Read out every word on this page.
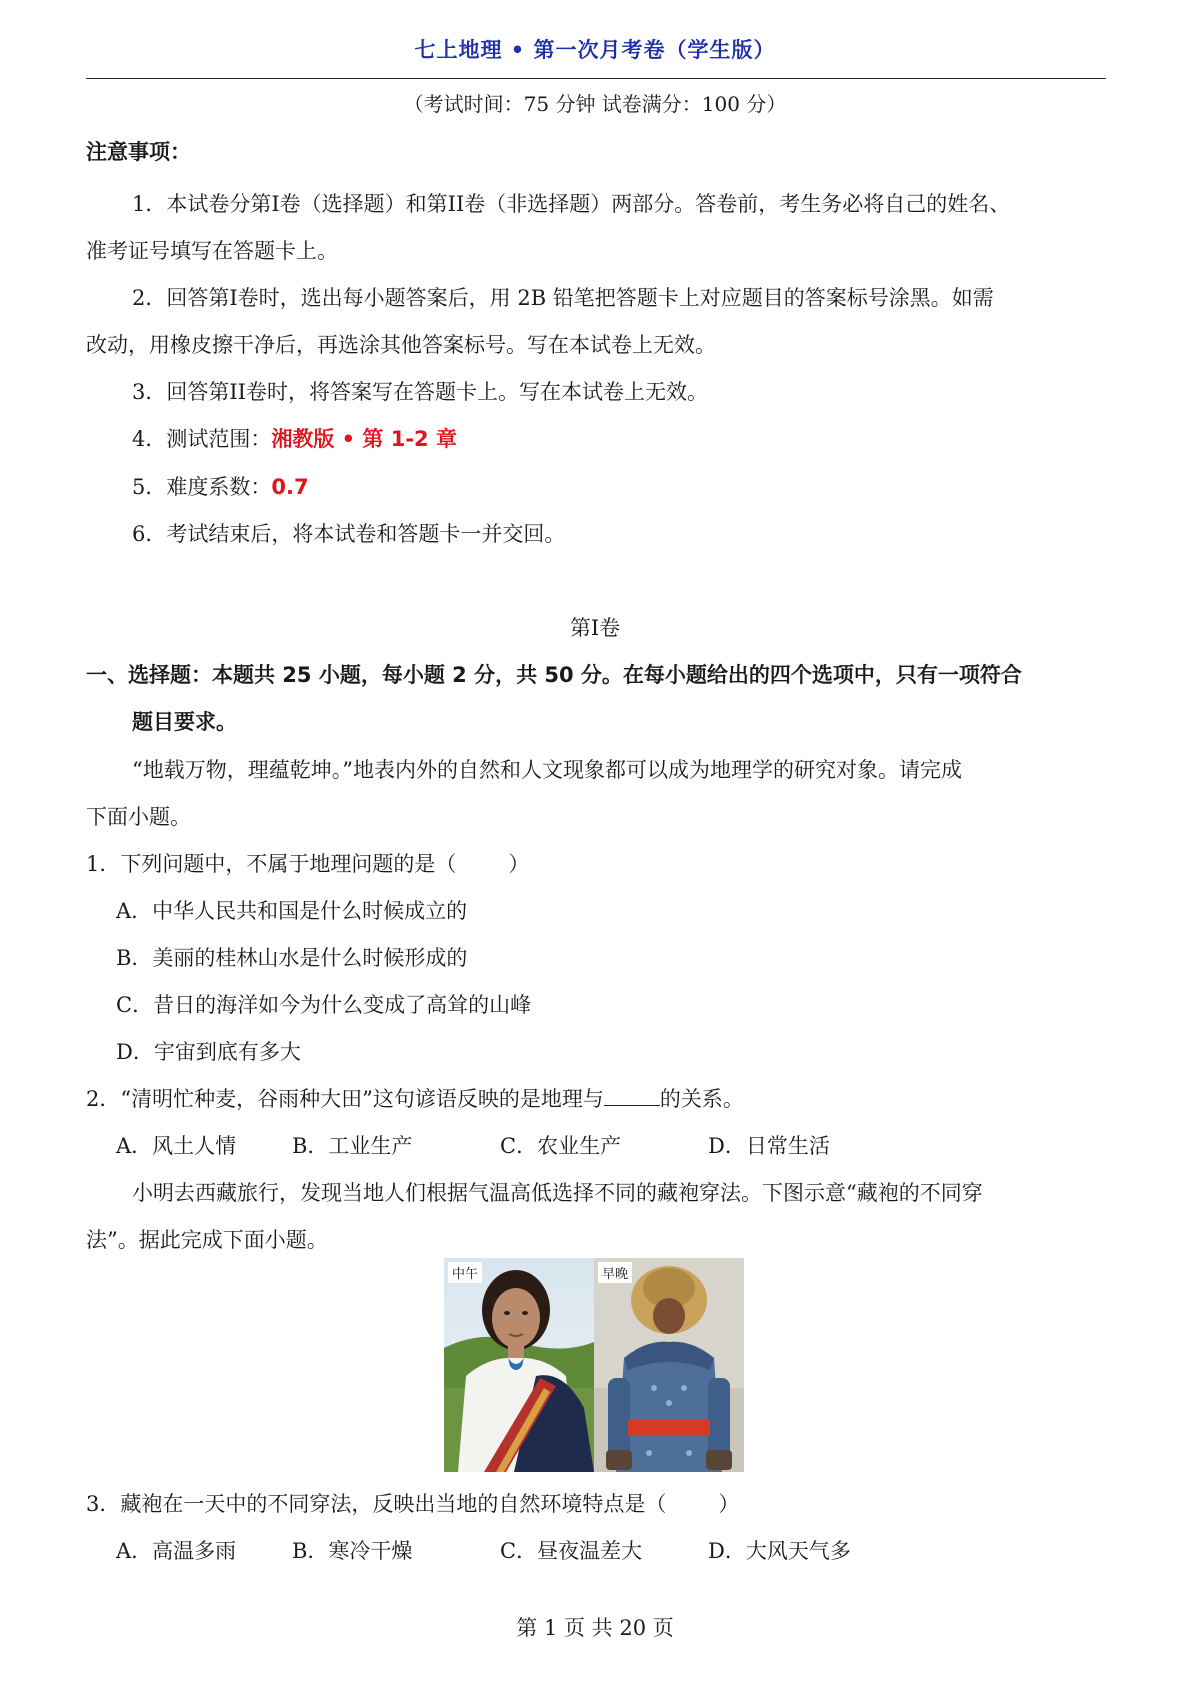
七上地理 • 第一次月考卷（学生版）
（考试时间：75 分钟 试卷满分：100 分）
注意事项：
1．本试卷分第I卷（选择题）和第II卷（非选择题）两部分。答卷前，考生务必将自己的姓名、
准考证号填写在答题卡上。
2．回答第I卷时，选出每小题答案后，用 2B 铅笔把答题卡上对应题目的答案标号涂黑。如需
改动，用橡皮擦干净后，再选涂其他答案标号。写在本试卷上无效。
3．回答第II卷时，将答案写在答题卡上。写在本试卷上无效。
4．测试范围：湘教版 • 第 1-2 章
5．难度系数：0.7
6．考试结束后，将本试卷和答题卡一并交回。
第I卷
一、选择题：本题共 25 小题，每小题 2 分，共 50 分。在每小题给出的四个选项中，只有一项符合
题目要求。
“地载万物，理蕴乾坤。”地表内外的自然和人文现象都可以成为地理学的研究对象。请完成
下面小题。
1．下列问题中，不属于地理问题的是（ ）
A．中华人民共和国是什么时候成立的
B．美丽的桂林山水是什么时候形成的
C．昔日的海洋如今为什么变成了高耸的山峰
D．宇宙到底有多大
2．“清明忙种麦，谷雨种大田”这句谚语反映的是地理与	的关系。
A．风土人情	B．工业生产	C．农业生产	D．日常生活
小明去西藏旅行，发现当地人们根据气温高低选择不同的藏袍穿法。下图示意“藏袍的不同穿
法”。据此完成下面小题。
中午	早晚
3．藏袍在一天中的不同穿法，反映出当地的自然环境特点是（ ）
A．高温多雨	B．寒冷干燥	C．昼夜温差大	D．大风天气多
第 1 页 共 20 页
